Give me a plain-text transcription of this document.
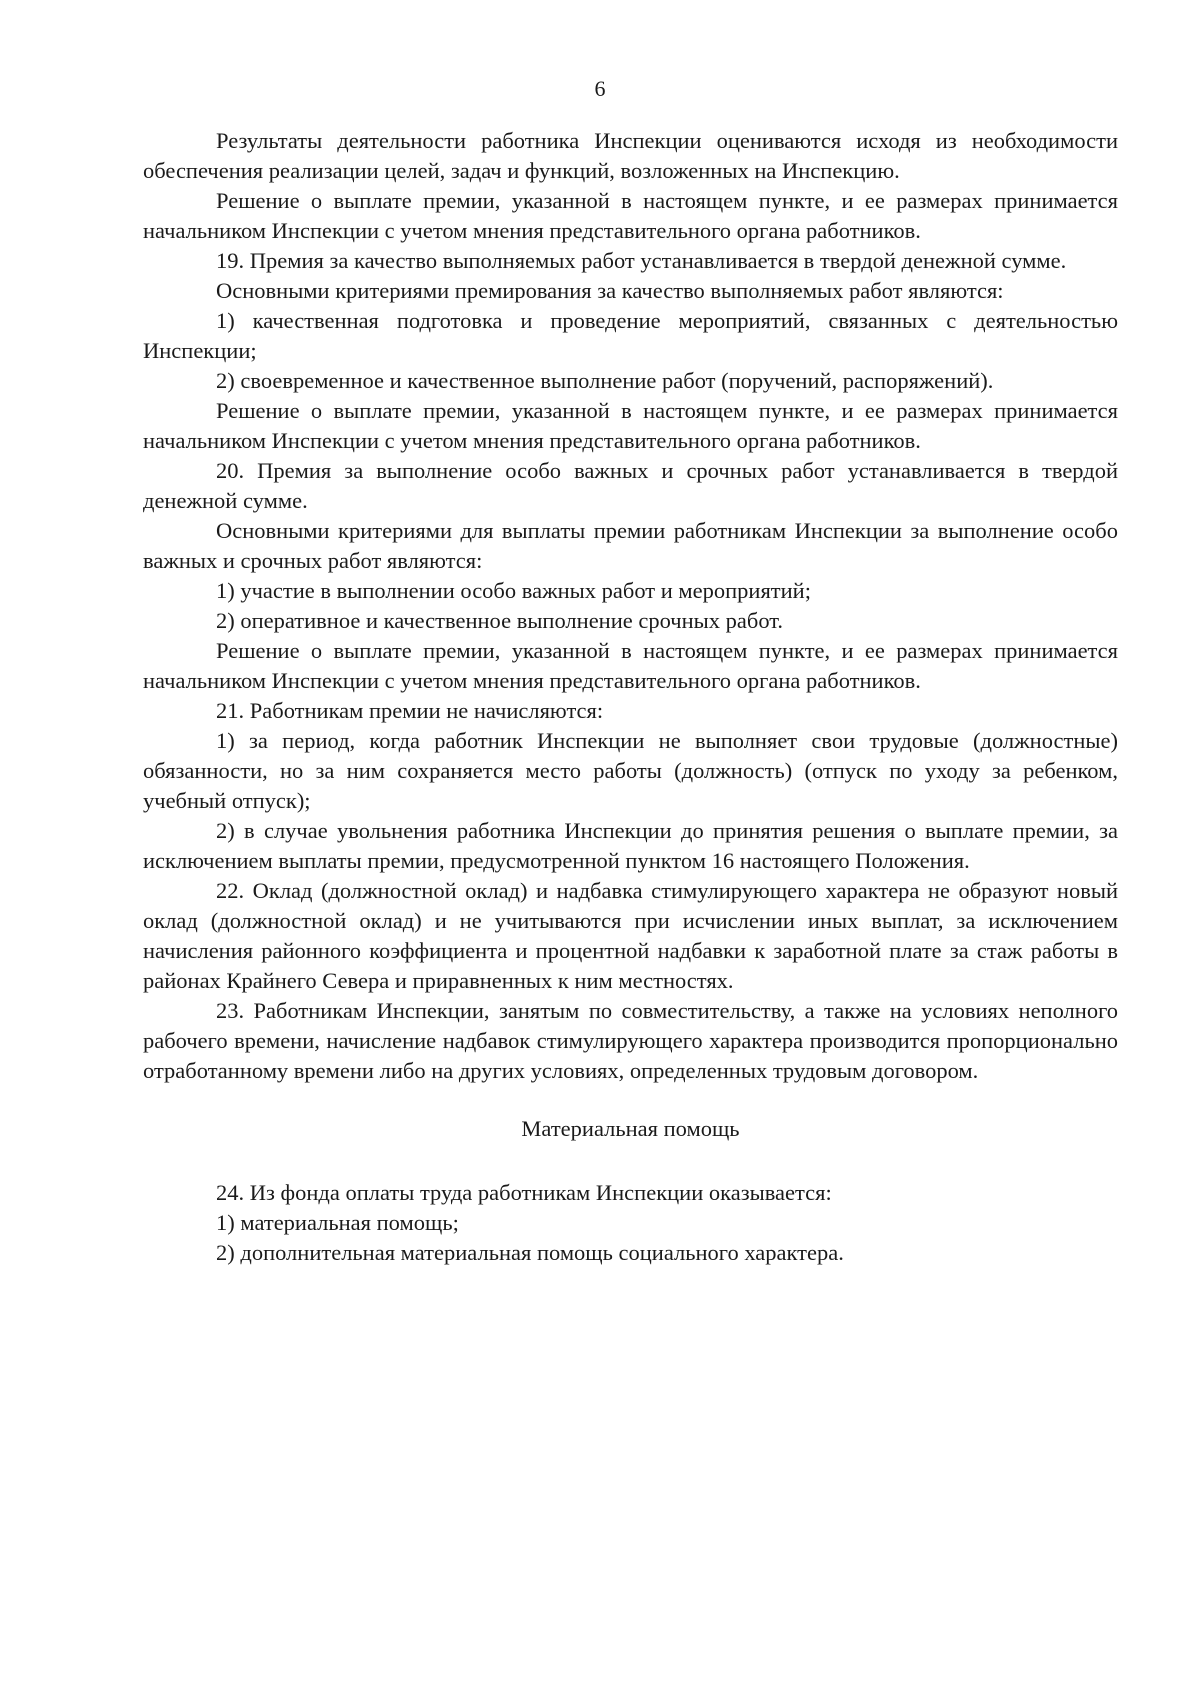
6

Результаты деятельности работника Инспекции оцениваются исходя из необходимости обеспечения реализации целей, задач и функций, возложенных на Инспекцию.

Решение о выплате премии, указанной в настоящем пункте, и ее размерах принимается начальником Инспекции с учетом мнения представительного органа работников.

19. Премия за качество выполняемых работ устанавливается в твердой денежной сумме.

Основными критериями премирования за качество выполняемых работ являются:

1) качественная подготовка и проведение мероприятий, связанных с деятельностью Инспекции;

2) своевременное и качественное выполнение работ (поручений, распоряжений).

Решение о выплате премии, указанной в настоящем пункте, и ее размерах принимается начальником Инспекции с учетом мнения представительного органа работников.

20. Премия за выполнение особо важных и срочных работ устанавливается в твердой денежной сумме.

Основными критериями для выплаты премии работникам Инспекции за выполнение особо важных и срочных работ являются:

1) участие в выполнении особо важных работ и мероприятий;

2) оперативное и качественное выполнение срочных работ.

Решение о выплате премии, указанной в настоящем пункте, и ее размерах принимается начальником Инспекции с учетом мнения представительного органа работников.

21. Работникам премии не начисляются:

1) за период, когда работник Инспекции не выполняет свои трудовые (должностные) обязанности, но за ним сохраняется место работы (должность) (отпуск по уходу за ребенком, учебный отпуск);

2) в случае увольнения работника Инспекции до принятия решения о выплате премии, за исключением выплаты премии, предусмотренной пунктом 16 настоящего Положения.

22. Оклад (должностной оклад) и надбавка стимулирующего характера не образуют новый оклад (должностной оклад) и не учитываются при исчислении иных выплат, за исключением начисления районного коэффициента и процентной надбавки к заработной плате за стаж работы в районах Крайнего Севера и приравненных к ним местностях.

23. Работникам Инспекции, занятым по совместительству, а также на условиях неполного рабочего времени, начисление надбавок стимулирующего характера производится пропорционально отработанному времени либо на других условиях, определенных трудовым договором.

Материальная помощь

24. Из фонда оплаты труда работникам Инспекции оказывается:

1) материальная помощь;

2) дополнительная материальная помощь социального характера.
